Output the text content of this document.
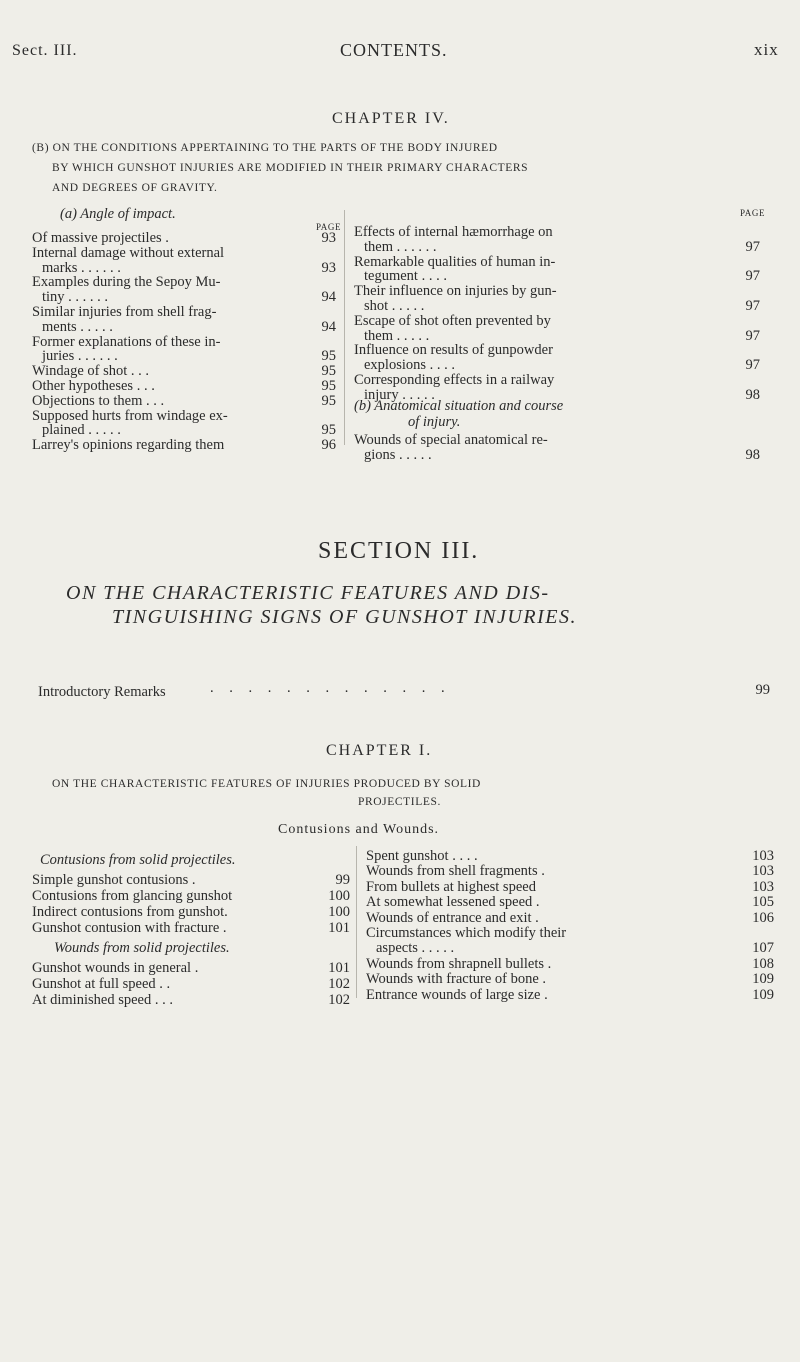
Sect. III.	CONTENTS.	xix
CHAPTER IV.
(B) ON THE CONDITIONS APPERTAINING TO THE PARTS OF THE BODY INJURED
BY WHICH GUNSHOT INJURIES ARE MODIFIED IN THEIR PRIMARY CHARACTERS
AND DEGREES OF GRAVITY.
PAGE
PAGE
(a) Angle of impact.
Of massive projectiles .	93
Internal damage without external
marks . . . . . .	93
Examples during the Sepoy Mu-
tiny . . . . . .	94
Similar injuries from shell frag-
ments . . . . .	94
Former explanations of these in-
juries . . . . . .	95
Windage of shot . . .	95
Other hypotheses . . .	95
Objections to them . . .	95
Supposed hurts from windage ex-
plained . . . . .	95
Larrey's opinions regarding them	96
Effects of internal hæmorrhage on
them . . . . . .	97
Remarkable qualities of human in-
tegument . . . .	97
Their influence on injuries by gun-
shot . . . . .	97
Escape of shot often prevented by
them . . . . .	97
Influence on results of gunpowder
explosions . . . .	97
Corresponding effects in a railway
injury . . . . .	98
(b) Anatomical situation and course
of injury.
Wounds of special anatomical re-
gions . . . . .	98
SECTION III.
ON THE CHARACTERISTIC FEATURES AND DIS-
TINGUISHING SIGNS OF GUNSHOT INJURIES.
Introductory Remarks	. . . . . . . . . . . . .	99
CHAPTER I.
ON THE CHARACTERISTIC FEATURES OF INJURIES PRODUCED BY SOLID
PROJECTILES.
Contusions and Wounds.
Contusions from solid projectiles.
Simple gunshot contusions .	99
Contusions from glancing gunshot	100
Indirect contusions from gunshot.	100
Gunshot contusion with fracture .	101
Wounds from solid projectiles.
Gunshot wounds in general .	101
Gunshot at full speed . .	102
At diminished speed . . .	102
Spent gunshot . . . .	103
Wounds from shell fragments .	103
From bullets at highest speed	103
At somewhat lessened speed .	105
Wounds of entrance and exit .	106
Circumstances which modify their
aspects . . . . .	107
Wounds from shrapnell bullets .	108
Wounds with fracture of bone .	109
Entrance wounds of large size .	109
